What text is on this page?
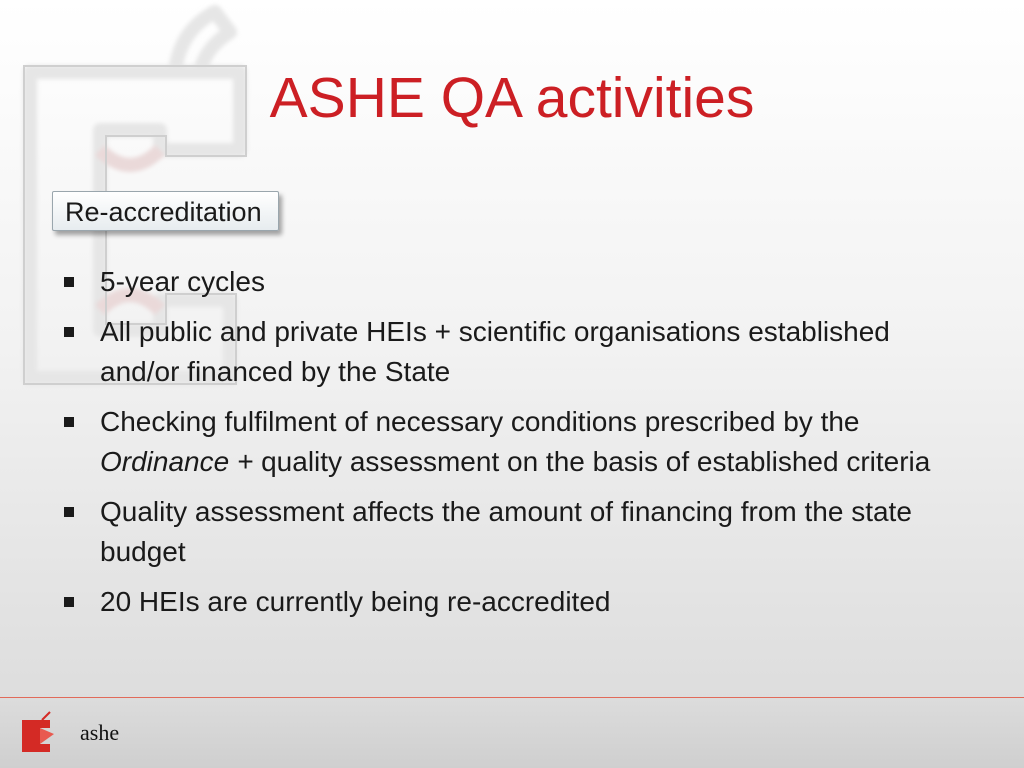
ASHE QA activities
Re-accreditation
5-year cycles
All public and private HEIs + scientific organisations established and/or financed by the State
Checking fulfilment of necessary conditions prescribed by the Ordinance + quality assessment on the basis of established criteria
Quality assessment affects the amount of financing from the state budget
20 HEIs are currently being re-accredited
ashe
